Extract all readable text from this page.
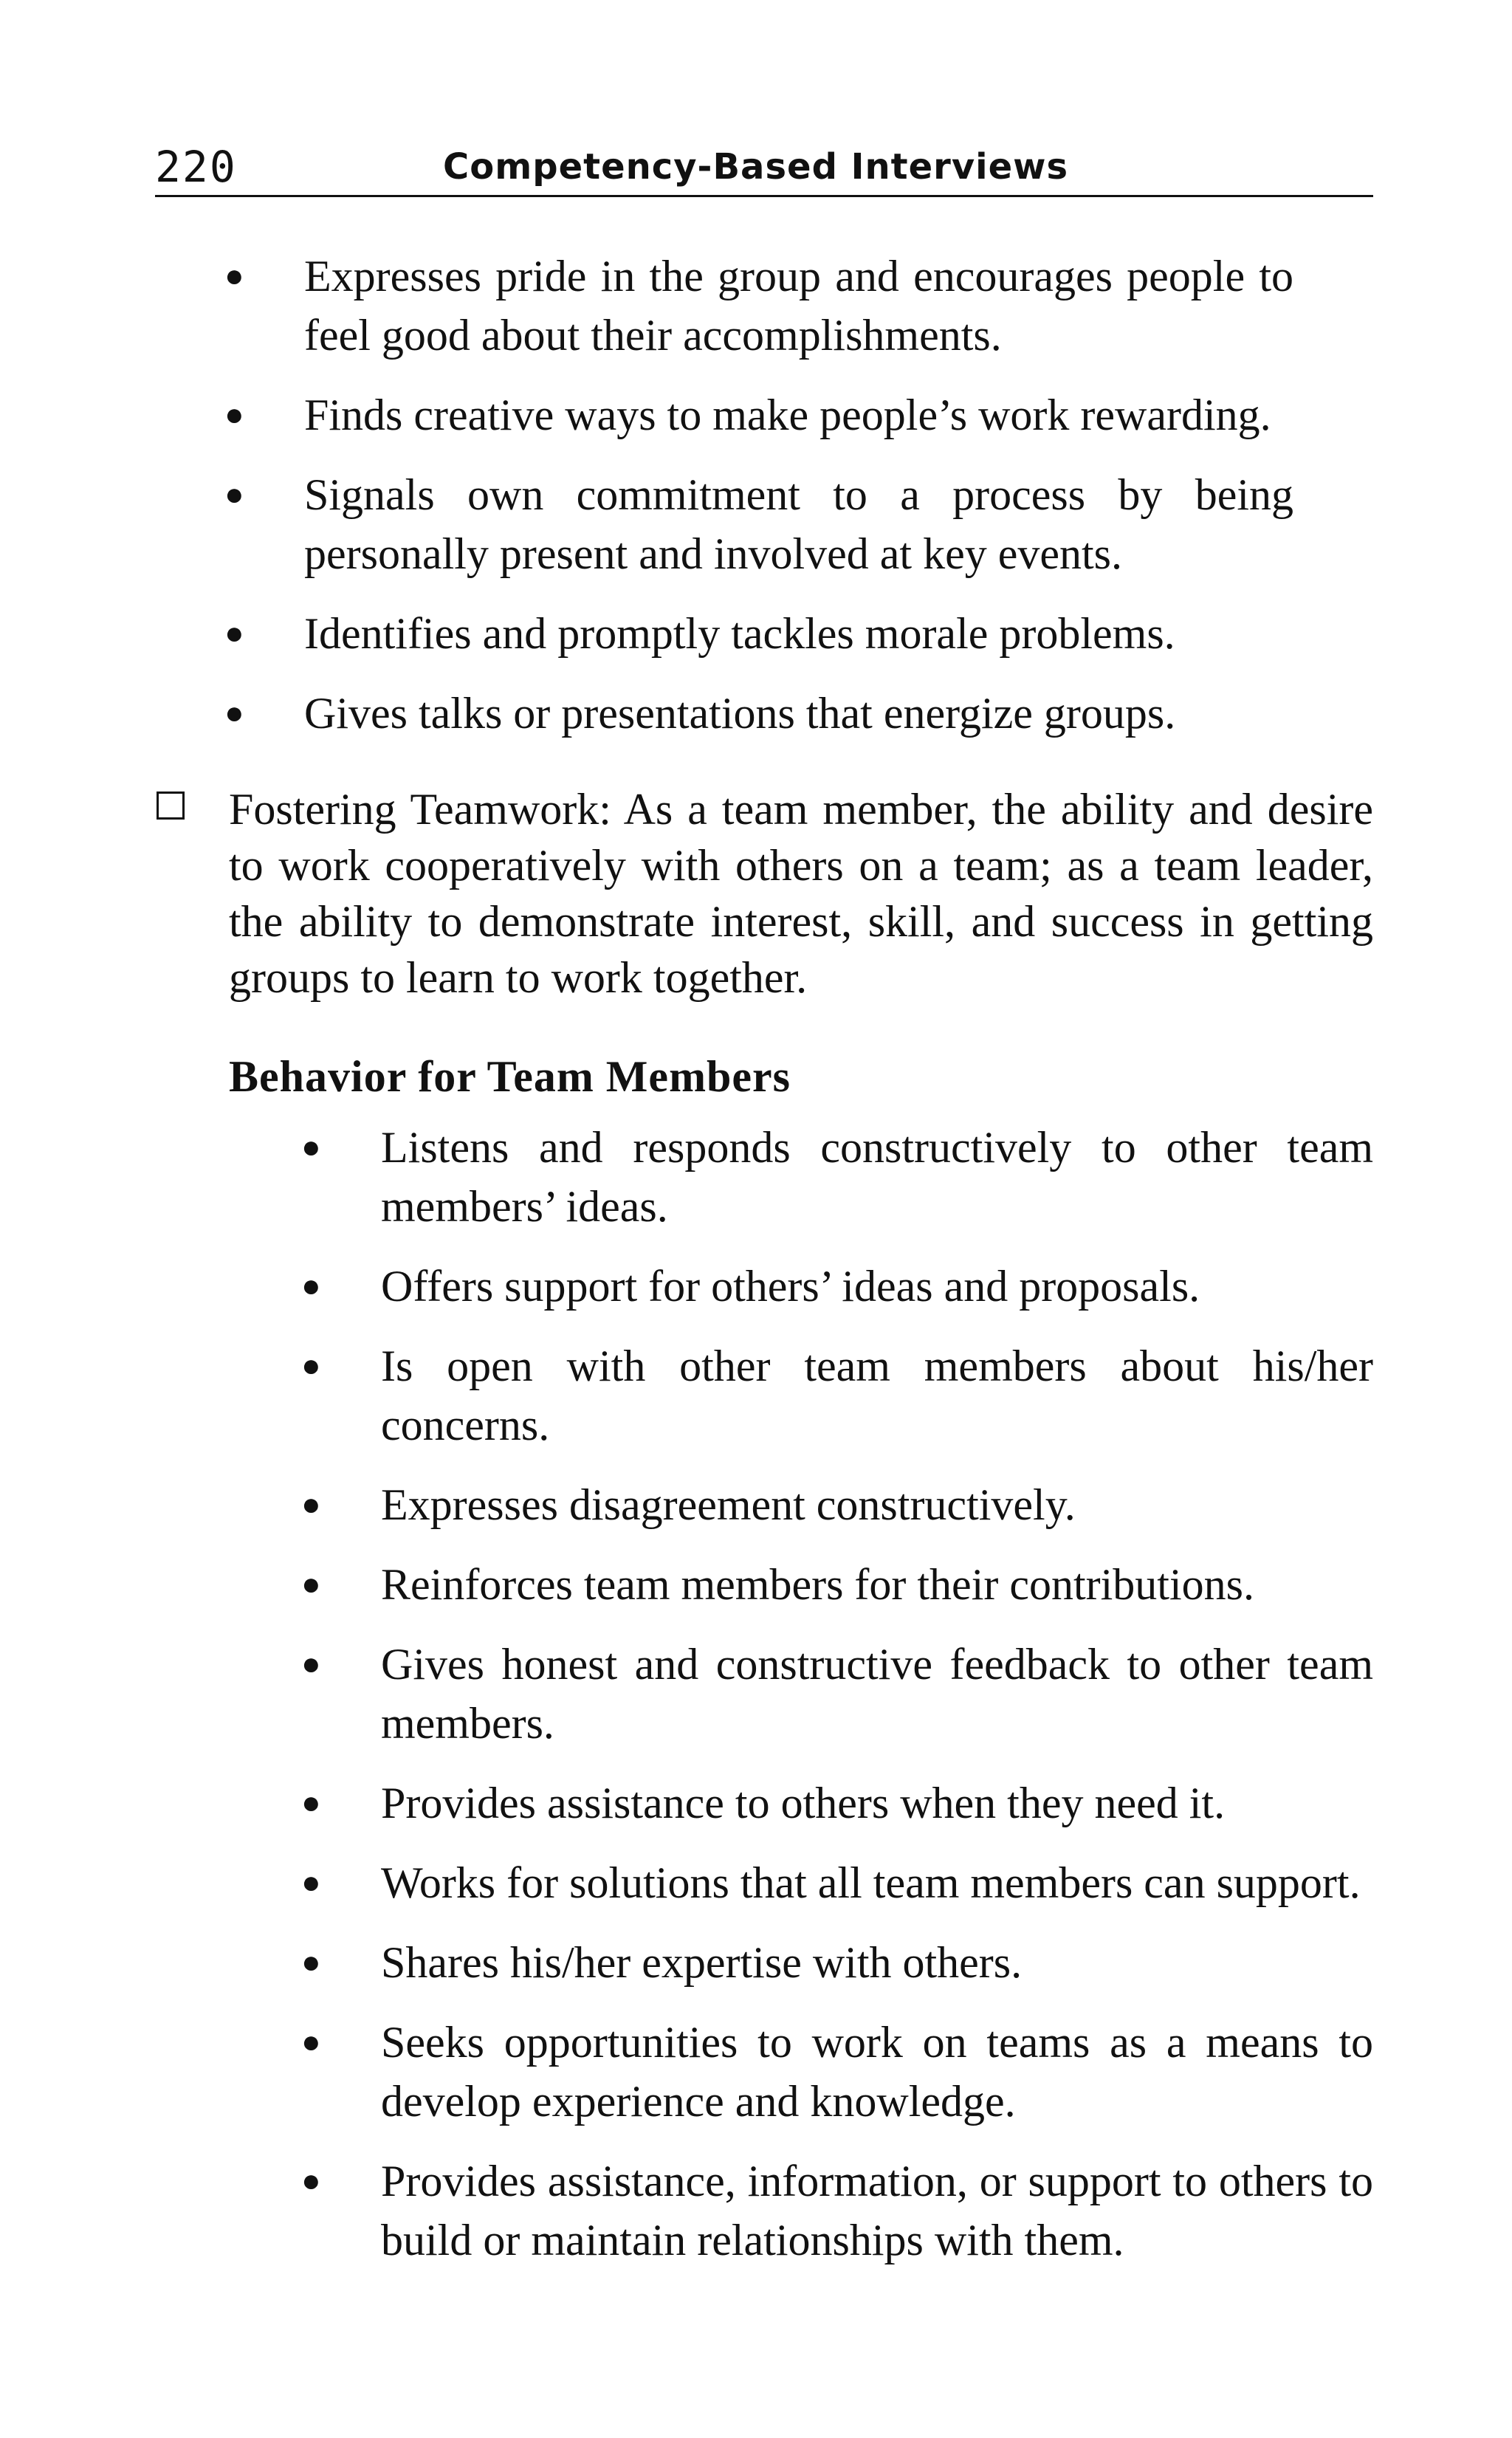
220	Competency-Based Interviews
● Expresses pride in the group and encourages people to feel good about their accomplishments.
● Finds creative ways to make people’s work rewarding.
● Signals own commitment to a process by being personally present and involved at key events.
● Identifies and promptly tackles morale problems.
● Gives talks or presentations that energize groups.

Fostering Teamwork: As a team member, the ability and desire to work cooperatively with others on a team; as a team leader, the ability to demonstrate interest, skill, and success in getting groups to learn to work together.

Behavior for Team Members
● Listens and responds constructively to other team members’ ideas.
● Offers support for others’ ideas and proposals.
● Is open with other team members about his/her concerns.
● Expresses disagreement constructively.
● Reinforces team members for their contributions.
● Gives honest and constructive feedback to other team members.
● Provides assistance to others when they need it.
● Works for solutions that all team members can support.
● Shares his/her expertise with others.
● Seeks opportunities to work on teams as a means to develop experience and knowledge.
● Provides assistance, information, or support to others to build or maintain relationships with them.
